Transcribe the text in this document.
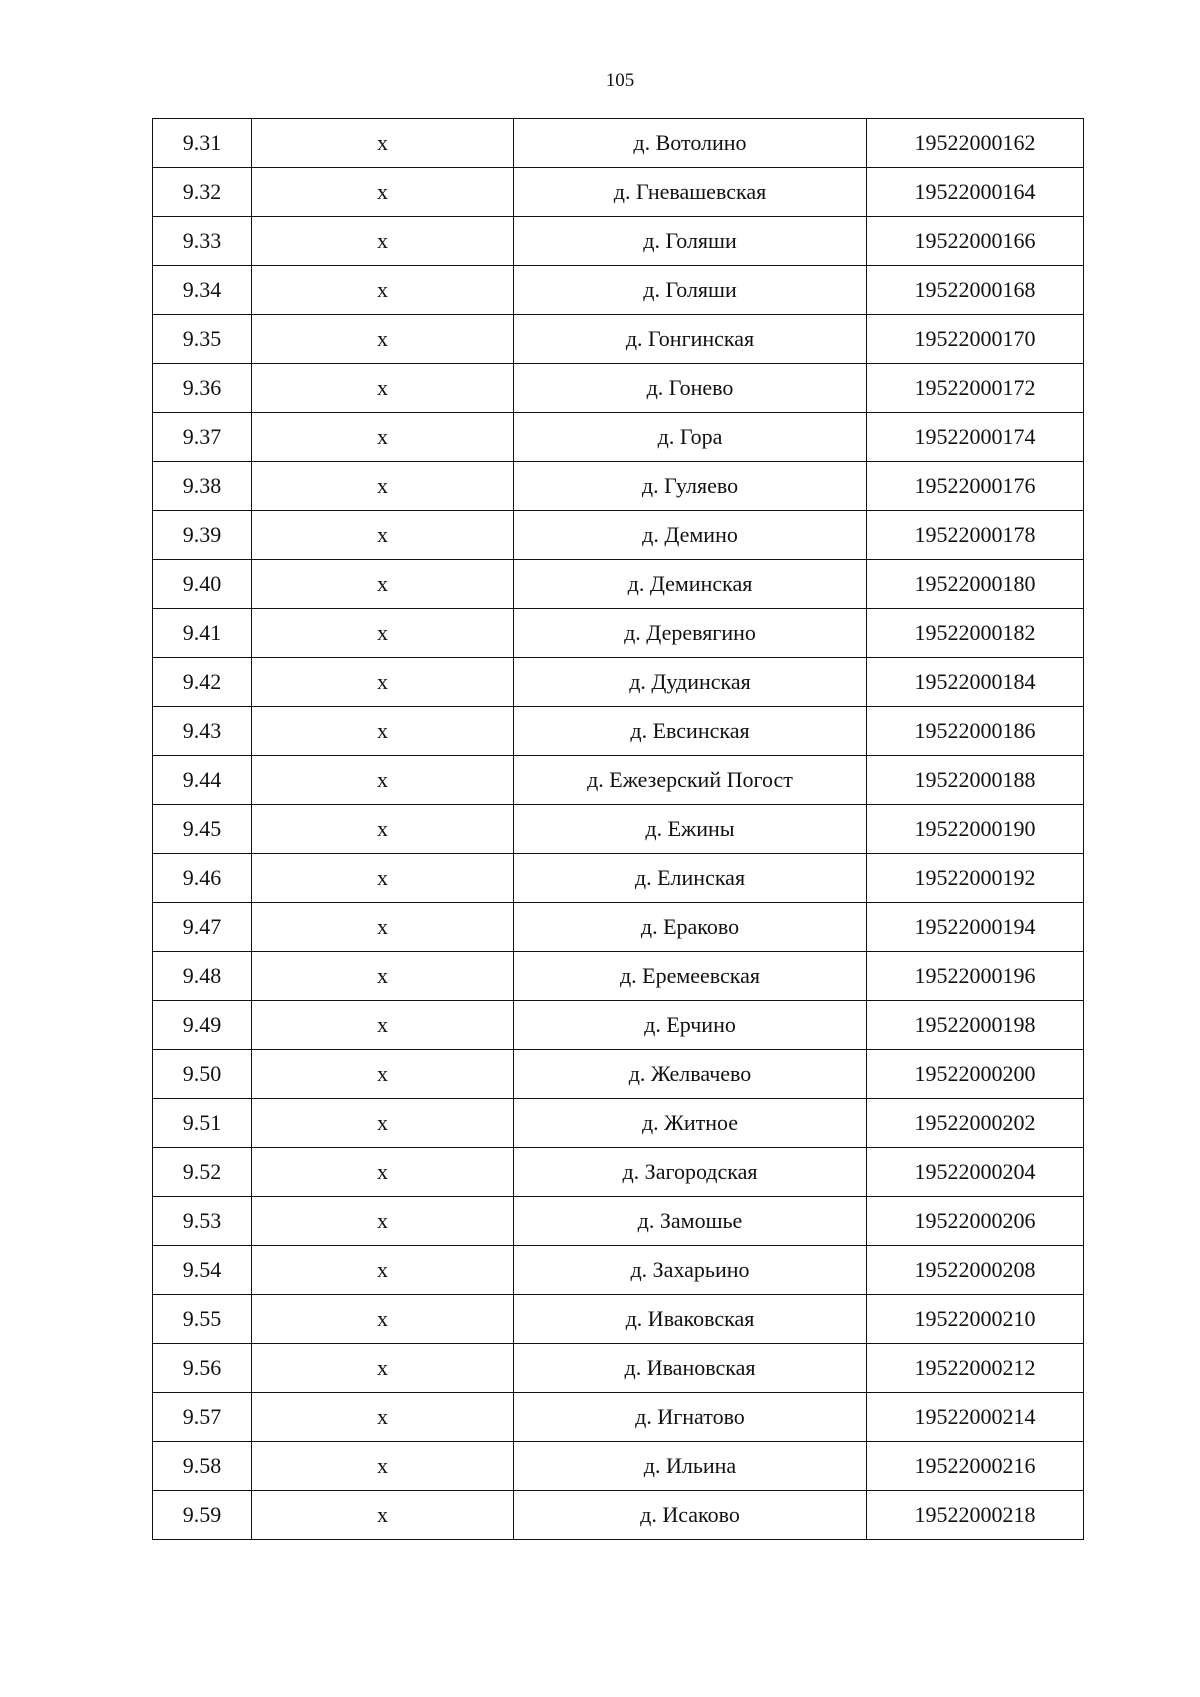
105
9.31	х	д. Вотолино	19522000162
9.32	х	д. Гневашевская	19522000164
9.33	х	д. Голяши	19522000166
9.34	х	д. Голяши	19522000168
9.35	х	д. Гонгинская	19522000170
9.36	х	д. Гонево	19522000172
9.37	х	д. Гора	19522000174
9.38	х	д. Гуляево	19522000176
9.39	х	д. Демино	19522000178
9.40	х	д. Деминская	19522000180
9.41	х	д. Деревягино	19522000182
9.42	х	д. Дудинская	19522000184
9.43	х	д. Евсинская	19522000186
9.44	х	д. Ежезерский Погост	19522000188
9.45	х	д. Ежины	19522000190
9.46	х	д. Елинская	19522000192
9.47	х	д. Ераково	19522000194
9.48	х	д. Еремеевская	19522000196
9.49	х	д. Ерчино	19522000198
9.50	х	д. Желвачево	19522000200
9.51	х	д. Житное	19522000202
9.52	х	д. Загородская	19522000204
9.53	х	д. Замошье	19522000206
9.54	х	д. Захарьино	19522000208
9.55	х	д. Иваковская	19522000210
9.56	х	д. Ивановская	19522000212
9.57	х	д. Игнатово	19522000214
9.58	х	д. Ильина	19522000216
9.59	х	д. Исаково	19522000218
